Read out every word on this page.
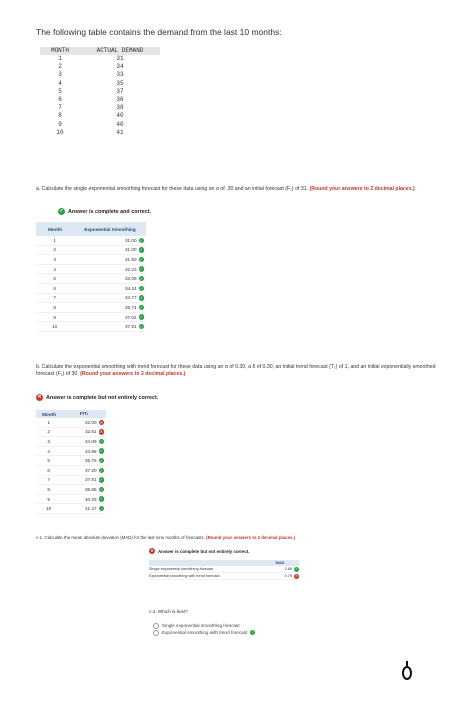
The following table contains the demand from the last 10 months:
MONTH	ACTUAL DEMAND
1	31
2	34
3	33
4	35
5	37
6	36
7	38
8	40
9	40
10	41
a. Calculate the single exponential smoothing forecast for these data using an α of .30 and an initial forecast (F₁) of 31. (Round your answers to 2 decimal places.)
✓ Answer is complete and correct.
Month	Exponential Smoothing
1	31.00 ✓
2	31.00 ✓
3	31.90 ✓
4	32.23 ✓
5	33.06 ✓
6	34.24 ✓
7	34.77 ✓
8	35.74 ✓
9	37.02 ✓
10	37.91 ✓
b. Calculate the exponential smoothing with trend forecast for these data using an α of 0.30, a δ of 0.30, an initial trend forecast (T₁) of 1, and an initial exponentially smoothed forecast (F₁) of 30. (Round your answers to 2 decimal places.)
✕ Answer is complete but not entirely correct.
Month	FITₜ
1	32.00 ✕
2	32.61 ✕
3	34.09 ✓
4	34.88 ✓
5	35.75 ✓
6	37.20 ✓
7	37.81 ✓
8	38.86 ✓
9	40.29 ✓
10	41.27 ✓
c-1. Calculate the mean absolute deviation (MAD) for the last nine months of forecasts. (Round your answers to 2 decimal places.)
✕ Answer is complete but not entirely correct.
MAD
Single exponential smoothing forecast	2.86 ✓
Exponential smoothing with trend forecast	0.79 ✕
c-2. Which is best?
Single exponential smoothing forecast
Exponential smoothing with trend forecast ✓
